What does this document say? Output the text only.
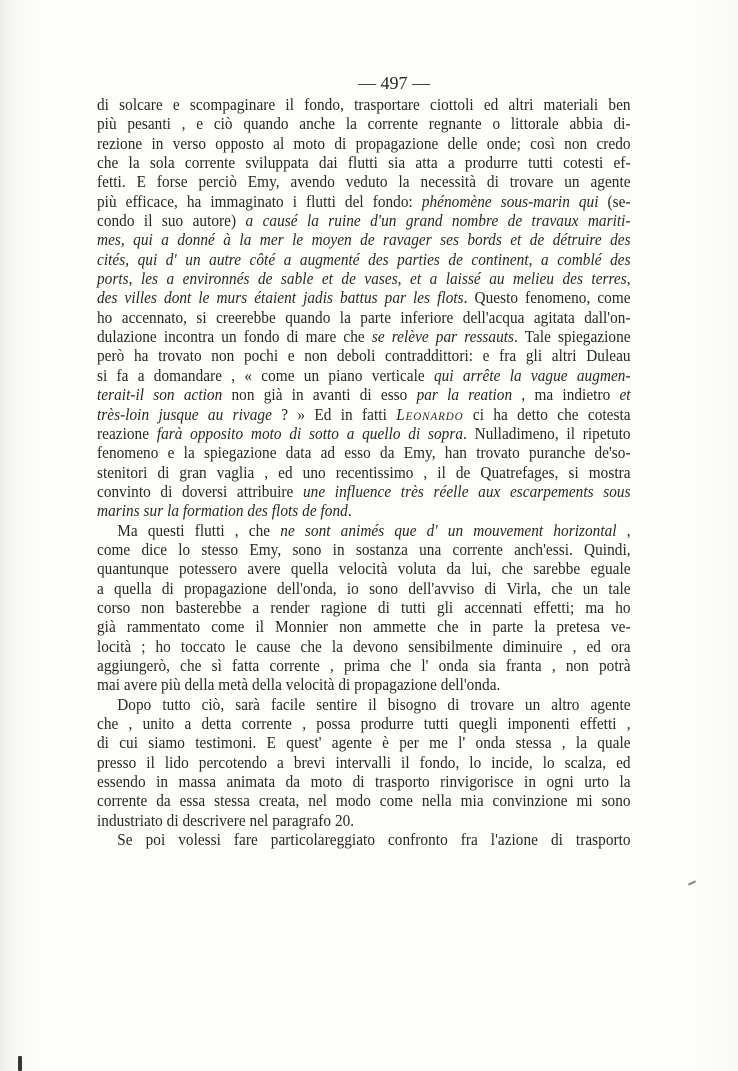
— 497 —
di solcare e scompaginare il fondo, trasportare ciottoli ed altri materiali ben
più pesanti , e ciò quando anche la corrente regnante o littorale abbia di-
rezione in verso opposto al moto di propagazione delle onde; così non credo
che la sola corrente sviluppata dai flutti sia atta a produrre tutti cotesti ef-
fetti. E forse perciò Emy, avendo veduto la necessità di trovare un agente
più efficace, ha immaginato i flutti del fondo: phénomène sous-marin qui (se-
condo il suo autore) a causé la ruine d'un grand nombre de travaux mariti-
mes, qui a donné à la mer le moyen de ravager ses bords et de détruire des
cités, qui d' un autre côté a augmenté des parties de continent, a comblé des
ports, les a environnés de sable et de vases, et a laissé au melieu des terres,
des villes dont le murs étaient jadis battus par les flots. Questo fenomeno, come
ho accennato, si creerebbe quando la parte inferiore dell'acqua agitata dall'on-
dulazione incontra un fondo di mare che se relève par ressauts. Tale spiegazione
però ha trovato non pochi e non deboli contraddittori: e fra gli altri Duleau
si fa a domandare , « come un piano verticale qui arrête la vague augmen-
terait-il son action non già in avanti di esso par la reation , ma indietro et
très-loin jusque au rivage ? » Ed in fatti Leonardo ci ha detto che cotesta
reazione farà opposito moto di sotto a quello di sopra. Nulladimeno, il ripetuto
fenomeno e la spiegazione data ad esso da Emy, han trovato puranche de'so-
stenitori di gran vaglia , ed uno recentissimo , il de Quatrefages, si mostra
convinto di doversi attribuire une influence très réelle aux escarpements sous
marins sur la formation des flots de fond.
Ma questi flutti , che ne sont animés que d' un mouvement horizontal ,
come dice lo stesso Emy, sono in sostanza una corrente anch'essi. Quindi,
quantunque potessero avere quella velocità voluta da lui, che sarebbe eguale
a quella di propagazione dell'onda, io sono dell'avviso di Virla, che un tale
corso non basterebbe a render ragione di tutti gli accennati effetti; ma ho
già rammentato come il Monnier non ammette che in parte la pretesa ve-
locità ; ho toccato le cause che la devono sensibilmente diminuire , ed ora
aggiungerò, che sì fatta corrente , prima che l' onda sia franta , non potrà
mai avere più della metà della velocità di propagazione dell'onda.
Dopo tutto ciò, sarà facile sentire il bisogno di trovare un altro agente
che , unito a detta corrente , possa produrre tutti quegli imponenti effetti ,
di cui siamo testimoni. E quest' agente è per me l' onda stessa , la quale
presso il lido percotendo a brevi intervalli il fondo, lo incide, lo scalza, ed
essendo in massa animata da moto di trasporto rinvigorisce in ogni urto la
corrente da essa stessa creata, nel modo come nella mia convinzione mi sono
industriato di descrivere nel paragrafo 20.
Se poi volessi fare particolareggiato confronto fra l'azione di trasporto
